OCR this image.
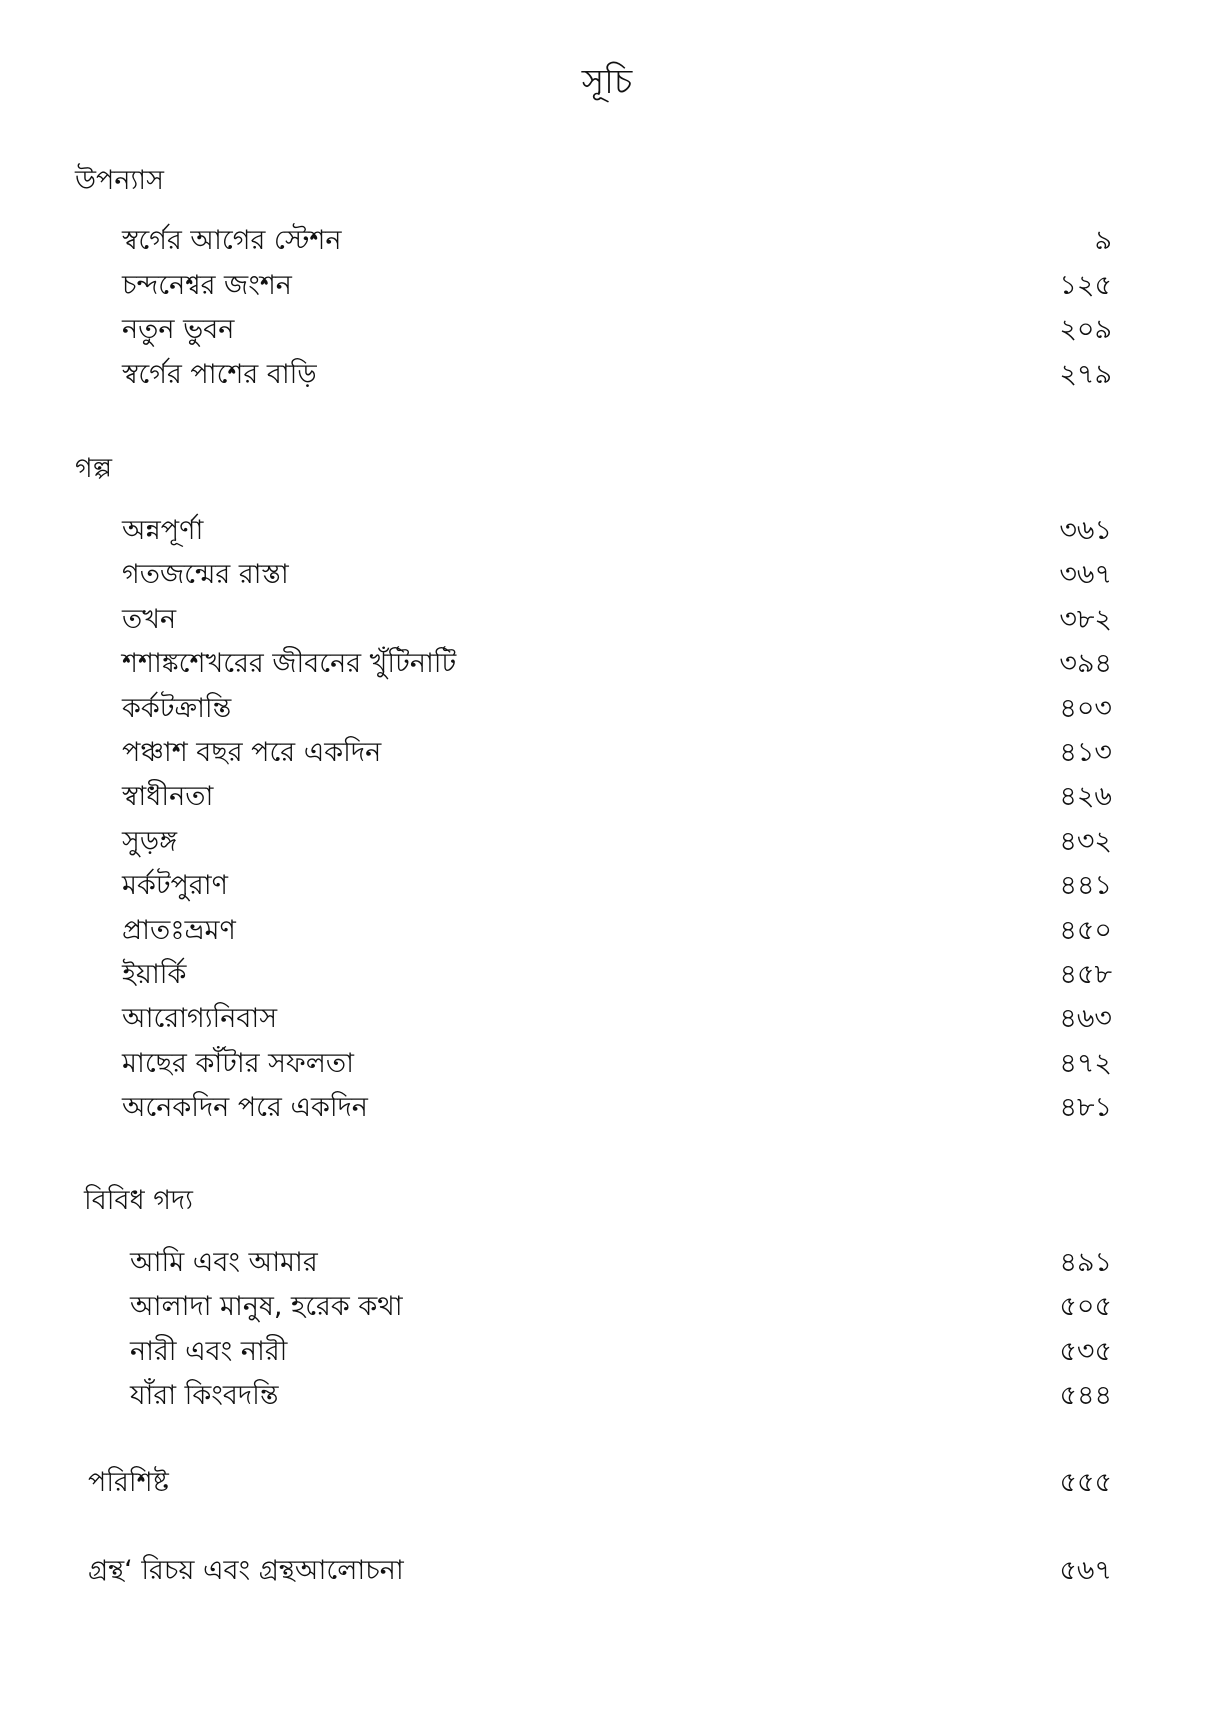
সূচি
উপন্যাস
স্বর্গের আগের স্টেশন	৯
চন্দনেশ্বর জংশন	১২৫
নতুন ভুবন	২০৯
স্বর্গের পাশের বাড়ি	২৭৯
গল্প
অন্নপূর্ণা	৩৬১
গতজন্মের রাস্তা	৩৬৭
তখন	৩৮২
শশাঙ্কশেখরের জীবনের খুঁটিনাটি	৩৯৪
কর্কটক্রান্তি	৪০৩
পঞ্চাশ বছর পরে একদিন	৪১৩
স্বাধীনতা	৪২৬
সুড়ঙ্গ	৪৩২
মর্কটপুরাণ	৪৪১
প্রাতঃভ্রমণ	৪৫০
ইয়ার্কি	৪৫৮
আরোগ্যনিবাস	৪৬৩
মাছের কাঁটার সফলতা	৪৭২
অনেকদিন পরে একদিন	৪৮১
বিবিধ গদ্য
আমি এবং আমার	৪৯১
আলাদা মানুষ, হরেক কথা	৫০৫
নারী এবং নারী	৫৩৫
যাঁরা কিংবদন্তি	৫৪৪
পরিশিষ্ট	৫৫৫
গ্রন্থ‘ রিচয় এবং গ্রন্থআলোচনা	৫৬৭
